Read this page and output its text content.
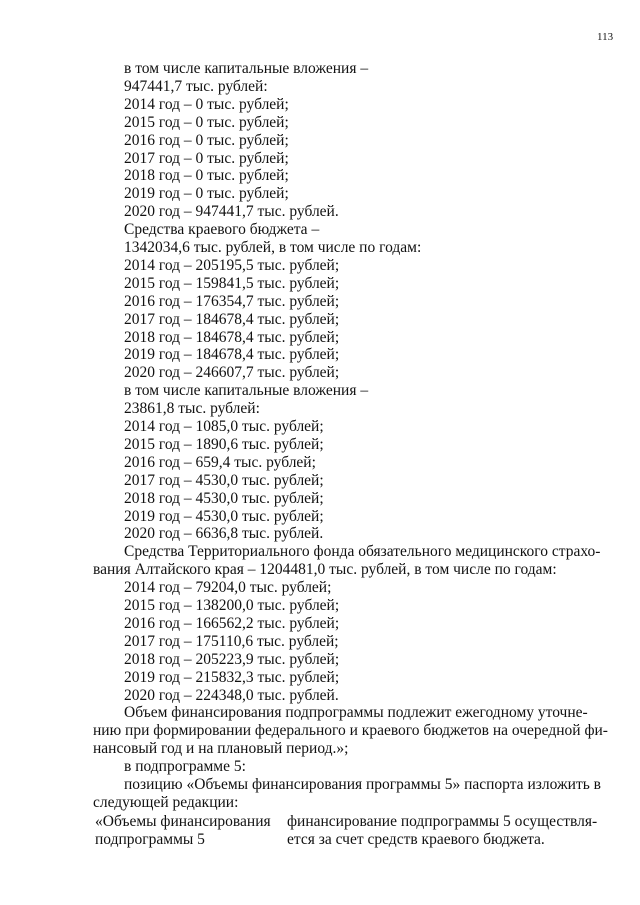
113
в том числе капитальные вложения –
947441,7 тыс. рублей:
2014 год – 0 тыс. рублей;
2015 год – 0 тыс. рублей;
2016 год – 0 тыс. рублей;
2017 год – 0 тыс. рублей;
2018 год – 0 тыс. рублей;
2019 год – 0 тыс. рублей;
2020 год – 947441,7 тыс. рублей.
Средства краевого бюджета –
1342034,6 тыс. рублей, в том числе по годам:
2014 год – 205195,5 тыс. рублей;
2015 год – 159841,5 тыс. рублей;
2016 год – 176354,7 тыс. рублей;
2017 год – 184678,4 тыс. рублей;
2018 год – 184678,4 тыс. рублей;
2019 год – 184678,4 тыс. рублей;
2020 год – 246607,7 тыс. рублей;
в том числе капитальные вложения –
23861,8 тыс. рублей:
2014 год – 1085,0 тыс. рублей;
2015 год – 1890,6 тыс. рублей;
2016 год – 659,4 тыс. рублей;
2017 год – 4530,0 тыс. рублей;
2018 год – 4530,0 тыс. рублей;
2019 год – 4530,0 тыс. рублей;
2020 год – 6636,8 тыс. рублей.
Средства Территориального фонда обязательного медицинского страхо-
вания Алтайского края – 1204481,0 тыс. рублей, в том числе по годам:
2014 год – 79204,0 тыс. рублей;
2015 год – 138200,0 тыс. рублей;
2016 год – 166562,2 тыс. рублей;
2017 год – 175110,6 тыс. рублей;
2018 год – 205223,9 тыс. рублей;
2019 год – 215832,3 тыс. рублей;
2020 год – 224348,0 тыс. рублей.
Объем финансирования подпрограммы подлежит ежегодному уточне-
нию при формировании федерального и краевого бюджетов на очередной фи-
нансовый год и на плановый период.»;
в подпрограмме 5:
позицию «Объемы финансирования программы 5» паспорта изложить в
следующей редакции:
«Объемы финансирования
подпрограммы 5
финансирование подпрограммы 5 осуществля-
ется за счет средств краевого бюджета.
